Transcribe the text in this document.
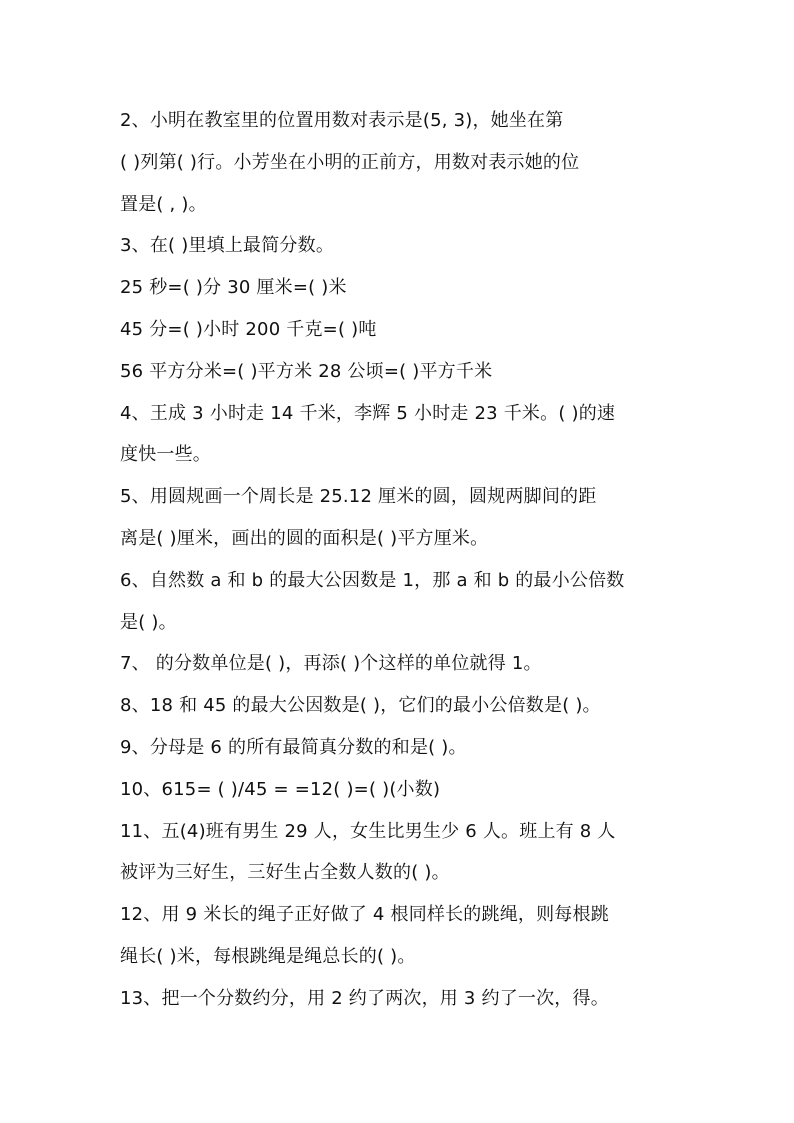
2、小明在教室里的位置用数对表示是(5, 3)，她坐在第
( )列第( )行。小芳坐在小明的正前方，用数对表示她的位
置是( , )。
3、在( )里填上最简分数。
25 秒=( )分 30 厘米=( )米
45 分=( )小时 200 千克=( )吨
56 平方分米=( )平方米 28 公顷=( )平方千米
4、王成 3 小时走 14 千米，李辉 5 小时走 23 千米。( )的速
度快一些。
5、用圆规画一个周长是 25.12 厘米的圆，圆规两脚间的距
离是( )厘米，画出的圆的面积是( )平方厘米。
6、自然数 a 和 b 的最大公因数是 1，那 a 和 b 的最小公倍数
是( )。
7、 的分数单位是( )，再添( )个这样的单位就得 1。
8、18 和 45 的最大公因数是( )，它们的最小公倍数是( )。
9、分母是 6 的所有最简真分数的和是( )。
10、615= ( )/45 = =12( )=( )(小数)
11、五(4)班有男生 29 人，女生比男生少 6 人。班上有 8 人
被评为三好生，三好生占全数人数的( )。
12、用 9 米长的绳子正好做了 4 根同样长的跳绳，则每根跳
绳长( )米，每根跳绳是绳总长的( )。
13、把一个分数约分，用 2 约了两次，用 3 约了一次，得。
